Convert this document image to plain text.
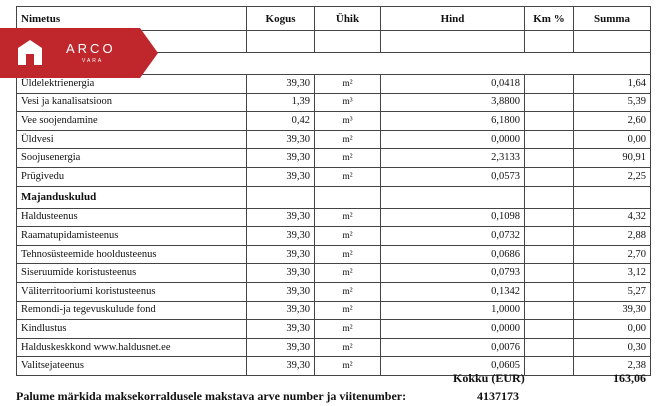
Nimetus	Kogus	Ühik	Hind	Km %	Summa

Üldelektrienergia	39,30	m²	0,0418		1,64
Vesi ja kanalisatsioon	1,39	m³	3,8800		5,39
Vee soojendamine	0,42	m³	6,1800		2,60
Üldvesi	39,30	m²	0,0000		0,00
Soojusenergia	39,30	m²	2,3133		90,91
Prügivedu	39,30	m²	0,0573		2,25
Majanduskulud					
Haldusteenus	39,30	m²	0,1098		4,32
Raamatupidamisteenus	39,30	m²	0,0732		2,88
Tehnosüsteemide hooldusteenus	39,30	m²	0,0686		2,70
Siseruumide koristusteenus	39,30	m²	0,0793		3,12
Väliterritooriumi koristusteenus	39,30	m²	0,1342		5,27
Remondi-ja tegevuskulude fond	39,30	m²	1,0000		39,30
Kindlustus	39,30	m²	0,0000		0,00
Halduskeskkond www.haldusnet.ee	39,30	m²	0,0076		0,30
Valitsejateenus	39,30	m²	0,0605		2,38
ARCO
VARA
Kokku (EUR)	163,06
Palume märkida maksekorraldusele makstava arve number ja viitenumber:	4137173
